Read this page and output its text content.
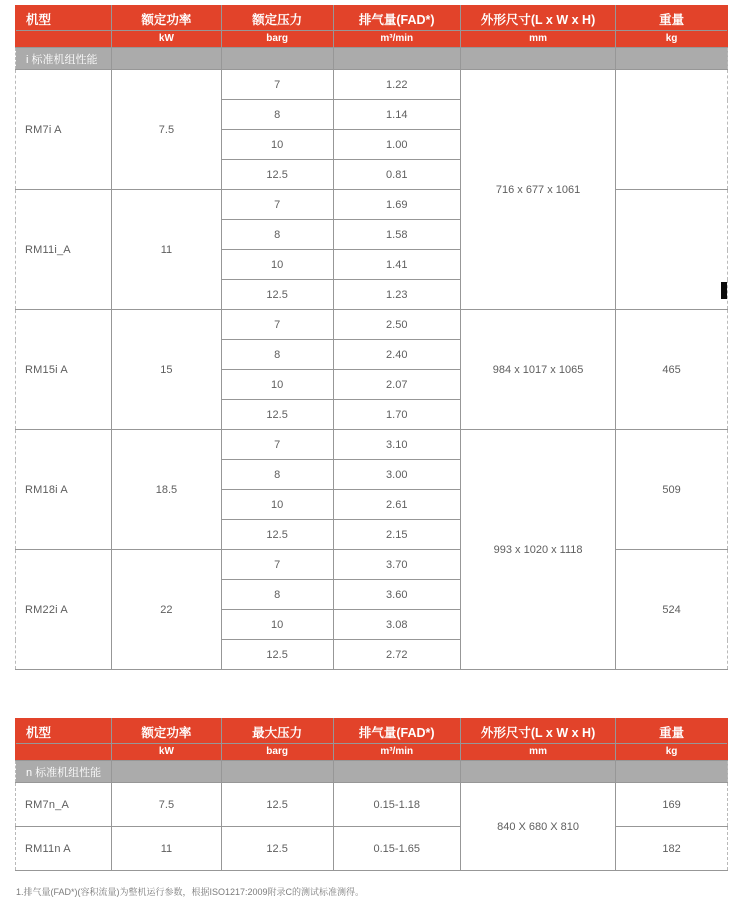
机型	额定功率	额定压力	排气量(FAD*)	外形尺寸(L x W x H)	重量
	kW	barg	m³/min	mm	kg
i 标准机组性能					
RM7i A	7.5	7	1.22	716 x 677 x 1061	
		8	1.14		
		10	1.00		
		12.5	0.81		
RM11i_A	11	7	1.69		
		8	1.58		
		10	1.41		
		12.5	1.23		
RM15i A	15	7	2.50	984 x 1017 x 1065	465
		8	2.40		
		10	2.07		
		12.5	1.70		
RM18i A	18.5	7	3.10	993 x 1020 x 1118	509
		8	3.00		
		10	2.61		
		12.5	2.15		
RM22i A	22	7	3.70		524
		8	3.60		
		10	3.08		
		12.5	2.72		
机型	额定功率	最大压力	排气量(FAD*)	外形尺寸(L x W x H)	重量
	kW	barg	m³/min	mm	kg
n 标准机组性能					
RM7n_A	7.5	12.5	0.15-1.18	840 X 680 X 810	169
RM11n A	11	12.5	0.15-1.65		182

1.排气量(FAD*)(容积流量)为整机运行参数，根据ISO1217:2009附录C的测试标准测得。
